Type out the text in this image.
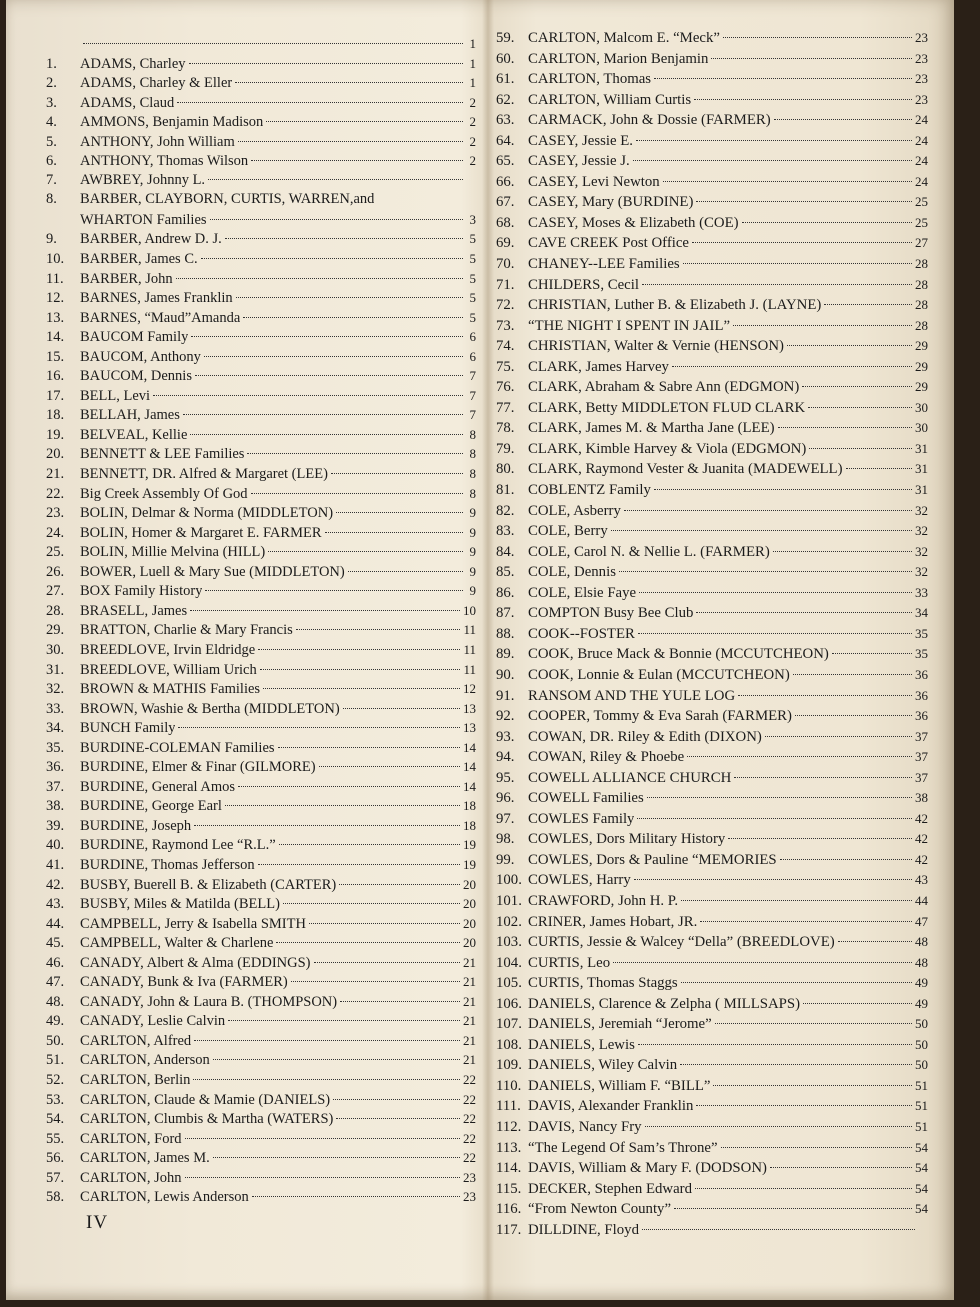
1
1.	ADAMS, Charley	1
2.	ADAMS, Charley & Eller	1
3.	ADAMS, Claud	2
4.	AMMONS, Benjamin Madison	2
5.	ANTHONY, John William	2
6.	ANTHONY, Thomas Wilson	2
7.	AWBREY, Johnny L.
8.	BARBER, CLAYBORN, CURTIS, WARREN,and
WHARTON Families	3
9.	BARBER, Andrew D. J.	5
10.	BARBER, James C.	5
11.	BARBER, John	5
12.	BARNES, James Franklin	5
13.	BARNES, “Maud”Amanda	5
14.	BAUCOM Family	6
15.	BAUCOM, Anthony	6
16.	BAUCOM, Dennis	7
17.	BELL, Levi	7
18.	BELLAH, James	7
19.	BELVEAL, Kellie	8
20.	BENNETT & LEE Families	8
21.	BENNETT, DR. Alfred & Margaret (LEE)	8
22.	Big Creek Assembly Of God	8
23.	BOLIN, Delmar & Norma (MIDDLETON)	9
24.	BOLIN, Homer & Margaret E. FARMER	9
25.	BOLIN, Millie Melvina (HILL)	9
26.	BOWER, Luell & Mary Sue (MIDDLETON)	9
27.	BOX Family History	9
28.	BRASELL, James	10
29.	BRATTON, Charlie & Mary Francis	11
30.	BREEDLOVE, Irvin Eldridge	11
31.	BREEDLOVE, William Urich	11
32.	BROWN & MATHIS Families	12
33.	BROWN, Washie & Bertha (MIDDLETON)	13
34.	BUNCH Family	13
35.	BURDINE-COLEMAN Families	14
36.	BURDINE, Elmer & Finar (GILMORE)	14
37.	BURDINE, General Amos	14
38.	BURDINE, George Earl	18
39.	BURDINE, Joseph	18
40.	BURDINE, Raymond Lee “R.L.”	19
41.	BURDINE, Thomas Jefferson	19
42.	BUSBY, Buerell B. & Elizabeth (CARTER)	20
43.	BUSBY, Miles & Matilda (BELL)	20
44.	CAMPBELL, Jerry & Isabella SMITH	20
45.	CAMPBELL, Walter & Charlene	20
46.	CANADY, Albert & Alma (EDDINGS)	21
47.	CANADY, Bunk & Iva (FARMER)	21
48.	CANADY, John & Laura B. (THOMPSON)	21
49.	CANADY, Leslie Calvin	21
50.	CARLTON, Alfred	21
51.	CARLTON, Anderson	21
52.	CARLTON, Berlin	22
53.	CARLTON, Claude & Mamie (DANIELS)	22
54.	CARLTON, Clumbis & Martha (WATERS)	22
55.	CARLTON, Ford	22
56.	CARLTON, James M.	22
57.	CARLTON, John	23
58.	CARLTON, Lewis Anderson	23
59. CARLTON, Malcom E. “Meck”	23
60. CARLTON, Marion Benjamin	23
61. CARLTON, Thomas	23
62. CARLTON, William Curtis	23
63. CARMACK, John & Dossie (FARMER)	24
64. CASEY, Jessie E.	24
65. CASEY, Jessie J.	24
66. CASEY, Levi Newton	24
67. CASEY, Mary (BURDINE)	25
68. CASEY, Moses & Elizabeth (COE)	25
69. CAVE CREEK Post Office	27
70. CHANEY--LEE Families	28
71. CHILDERS, Cecil	28
72. CHRISTIAN, Luther B. & Elizabeth J. (LAYNE)	28
73. “THE NIGHT I SPENT IN JAIL”	28
74. CHRISTIAN, Walter & Vernie (HENSON)	29
75. CLARK, James Harvey	29
76. CLARK, Abraham & Sabre Ann (EDGMON)	29
77. CLARK, Betty MIDDLETON FLUD CLARK	30
78. CLARK, James M. & Martha Jane (LEE)	30
79. CLARK, Kimble Harvey & Viola (EDGMON)	31
80. CLARK, Raymond Vester & Juanita (MADEWELL)	31
81. COBLENTZ Family	31
82. COLE, Asberry	32
83. COLE, Berry	32
84. COLE, Carol N. & Nellie L. (FARMER)	32
85. COLE, Dennis	32
86. COLE, Elsie Faye	33
87. COMPTON Busy Bee Club	34
88. COOK--FOSTER	35
89. COOK, Bruce Mack & Bonnie (MCCUTCHEON)	35
90. COOK, Lonnie & Eulan (MCCUTCHEON)	36
91. RANSOM AND THE YULE LOG	36
92. COOPER, Tommy & Eva Sarah (FARMER)	36
93. COWAN, DR. Riley & Edith (DIXON)	37
94. COWAN, Riley & Phoebe	37
95. COWELL ALLIANCE CHURCH	37
96. COWELL Families	38
97. COWLES Family	42
98. COWLES, Dors Military History	42
99. COWLES, Dors & Pauline “MEMORIES	42
100. COWLES, Harry	43
101. CRAWFORD, John H. P.	44
102. CRINER, James Hobart, JR.	47
103. CURTIS, Jessie & Walcey “Della” (BREEDLOVE)	48
104. CURTIS, Leo	48
105. CURTIS, Thomas Staggs	49
106. DANIELS, Clarence & Zelpha ( MILLSAPS)	49
107. DANIELS, Jeremiah “Jerome”	50
108. DANIELS, Lewis	50
109. DANIELS, Wiley Calvin	50
110. DANIELS, William F. “BILL”	51
111. DAVIS, Alexander Franklin	51
112. DAVIS, Nancy Fry	51
113. “The Legend Of Sam’s Throne”	54
114. DAVIS, William & Mary F. (DODSON)	54
115. DECKER, Stephen Edward	54
116. “From Newton County”	54
117. DILLDINE, Floyd
IV
